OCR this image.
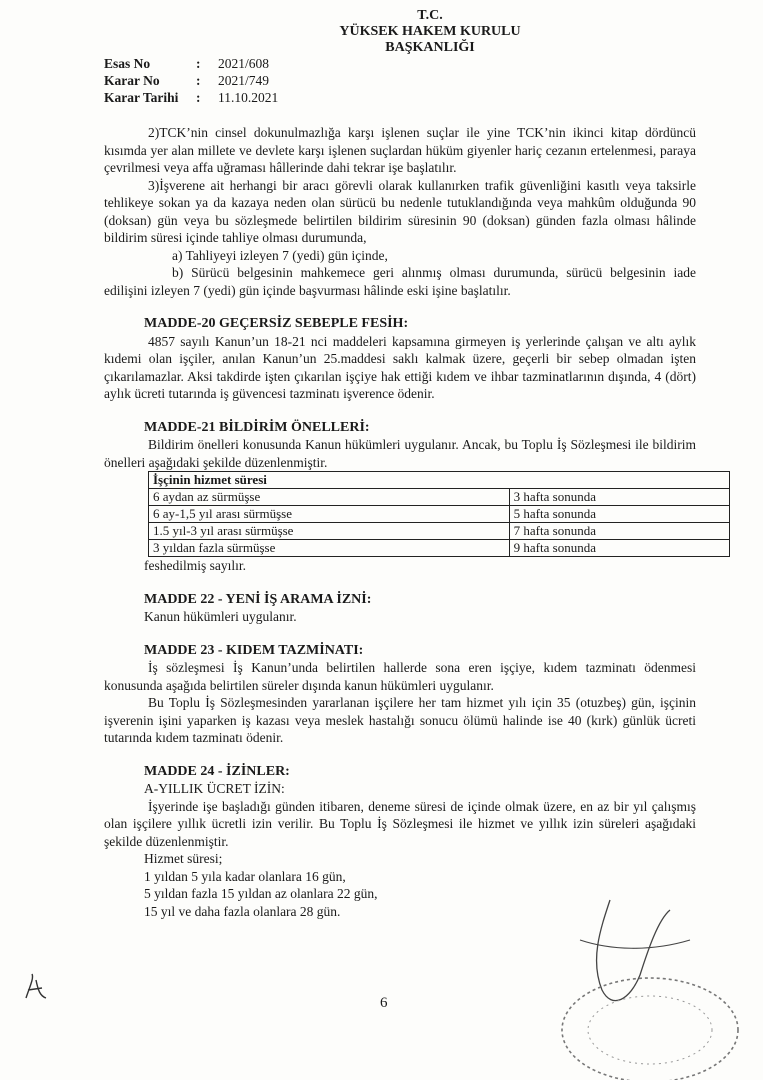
T.C.
YÜKSEK HAKEM KURULU
BAŞKANLIĞI
Esas No	:	2021/608
Karar No	:	2021/749
Karar Tarihi	:	11.10.2021

2)TCK’nin cinsel dokunulmazlığa karşı işlenen suçlar ile yine TCK’nin ikinci kitap dördüncü kısımda yer alan millete ve devlete karşı işlenen suçlardan hüküm giyenler hariç cezanın ertelenmesi, paraya çevrilmesi veya affa uğraması hâllerinde dahi tekrar işe başlatılır.

3)İşverene ait herhangi bir aracı görevli olarak kullanırken trafik güvenliğini kasıtlı veya taksirle tehlikeye sokan ya da kazaya neden olan sürücü bu nedenle tutuklandığında veya mahkûm olduğunda 90 (doksan) gün veya bu sözleşmede belirtilen bildirim süresinin 90 (doksan) günden fazla olması hâlinde bildirim süresi içinde tahliye olması durumunda,

a) Tahliyeyi izleyen 7 (yedi) gün içinde,

b) Sürücü belgesinin mahkemece geri alınmış olması durumunda, sürücü belgesinin iade edilişini izleyen 7 (yedi) gün içinde başvurması hâlinde eski işine başlatılır.

MADDE-20 GEÇERSİZ SEBEPLE FESİH:

4857 sayılı Kanun’un 18-21 nci maddeleri kapsamına girmeyen iş yerlerinde çalışan ve altı aylık kıdemi olan işçiler, anılan Kanun’un 25.maddesi saklı kalmak üzere, geçerli bir sebep olmadan işten çıkarılamazlar. Aksi takdirde işten çıkarılan işçiye hak ettiği kıdem ve ihbar tazminatlarının dışında, 4 (dört) aylık ücreti tutarında iş güvencesi tazminatı işverence ödenir.

MADDE-21 BİLDİRİM ÖNELLERİ:

Bildirim önelleri konusunda Kanun hükümleri uygulanır. Ancak, bu Toplu İş Sözleşmesi ile bildirim önelleri aşağıdaki şekilde düzenlenmiştir.

İşçinin hizmet süresi	
6 aydan az sürmüşse	3 hafta sonunda
6 ay-1,5 yıl arası sürmüşse	5 hafta sonunda
1.5 yıl-3 yıl arası sürmüşse	7 hafta sonunda
3 yıldan fazla sürmüşse	9 hafta sonunda

feshedilmiş sayılır.

MADDE 22 - YENİ İŞ ARAMA İZNİ:

Kanun hükümleri uygulanır.

MADDE 23 - KIDEM TAZMİNATI:

İş sözleşmesi İş Kanun’unda belirtilen hallerde sona eren işçiye, kıdem tazminatı ödenmesi konusunda aşağıda belirtilen süreler dışında kanun hükümleri uygulanır.

Bu Toplu İş Sözleşmesinden yararlanan işçilere her tam hizmet yılı için 35 (otuzbeş) gün, işçinin işverenin işini yaparken iş kazası veya meslek hastalığı sonucu ölümü halinde ise 40 (kırk) günlük ücreti tutarında kıdem tazminatı ödenir.

MADDE 24 - İZİNLER:

A-YILLIK ÜCRET İZİN:

İşyerinde işe başladığı günden itibaren, deneme süresi de içinde olmak üzere, en az bir yıl çalışmış olan işçilere yıllık ücretli izin verilir. Bu Toplu İş Sözleşmesi ile hizmet ve yıllık izin süreleri aşağıdaki şekilde düzenlenmiştir.

Hizmet süresi;

1 yıldan 5 yıla kadar olanlara 16 gün,

5 yıldan fazla 15 yıldan az olanlara 22 gün,

15 yıl ve daha fazla olanlara 28 gün.

6
